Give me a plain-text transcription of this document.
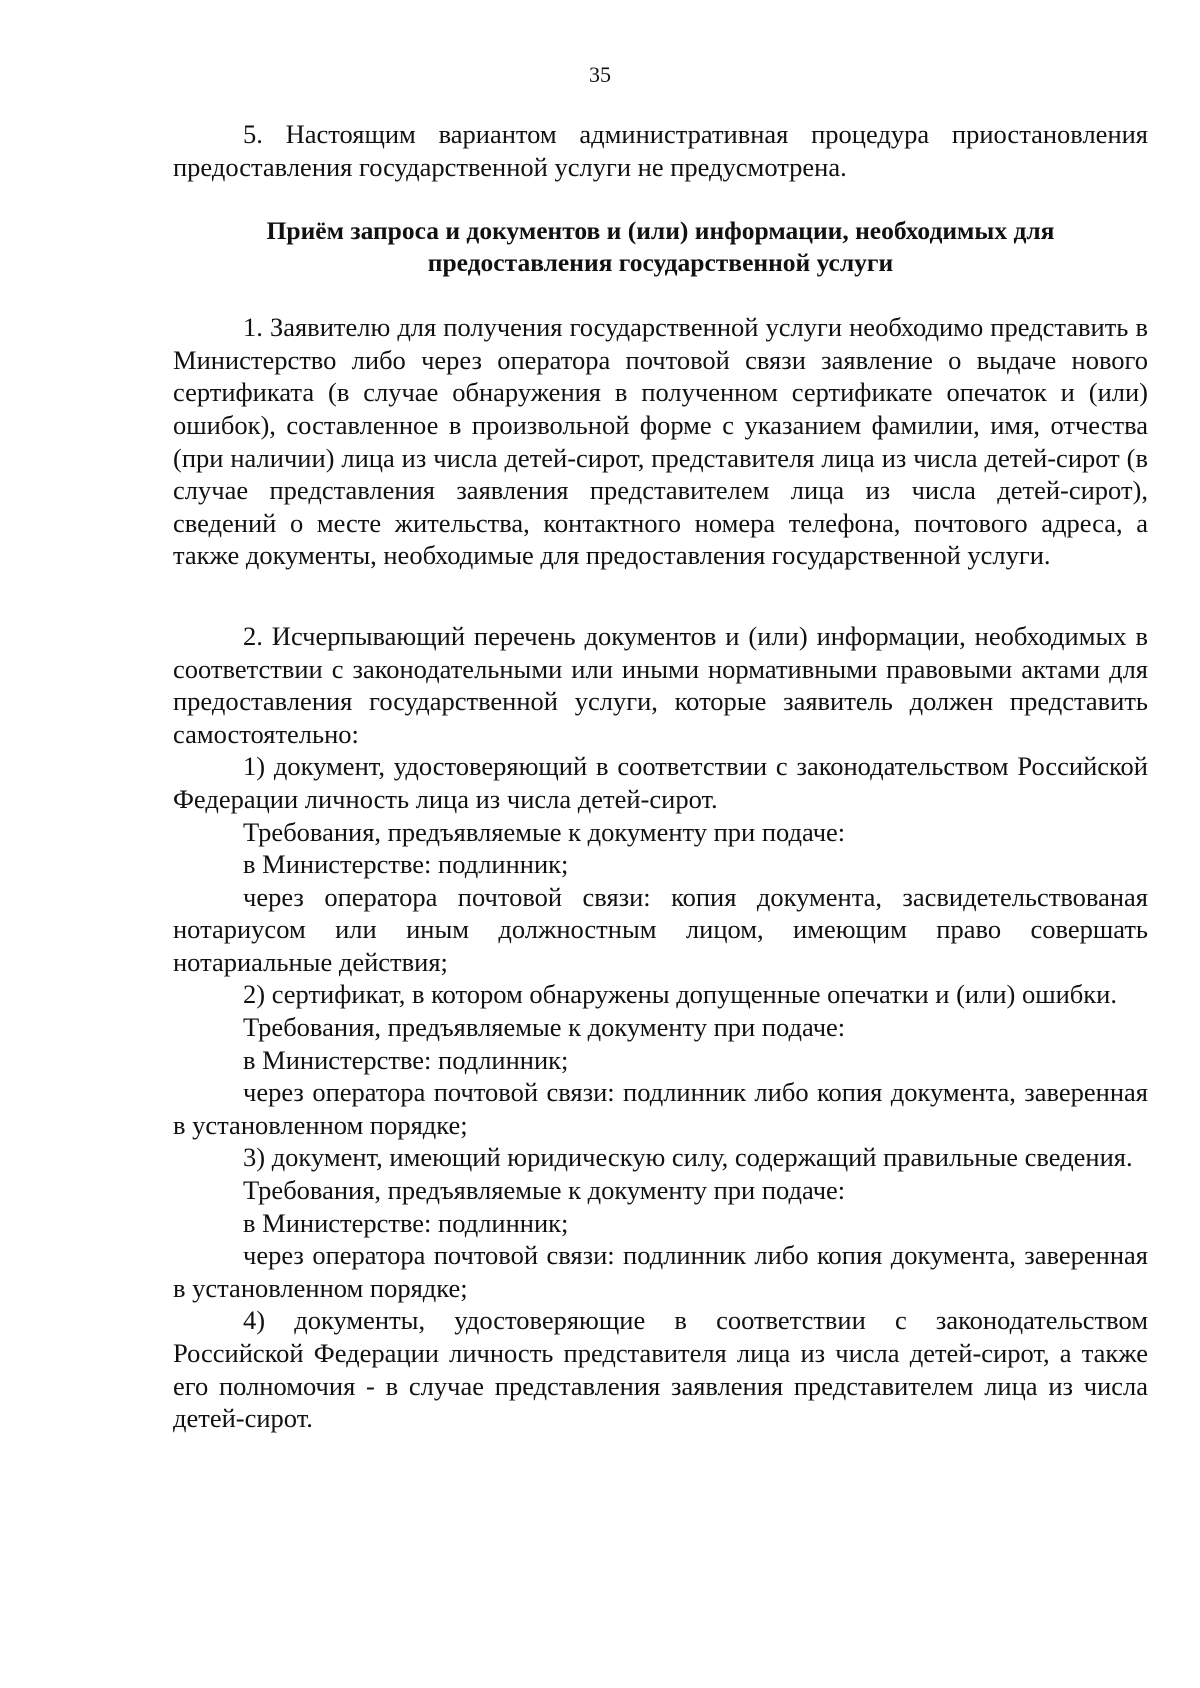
35

5. Настоящим вариантом административная процедура приостановления предоставления государственной услуги не предусмотрена.

Приём запроса и документов и (или) информации, необходимых для
предоставления государственной услуги

1. Заявителю для получения государственной услуги необходимо представить в Министерство либо через оператора почтовой связи заявление о выдаче нового сертификата (в случае обнаружения в полученном сертификате опечаток и (или) ошибок), составленное в произвольной форме с указанием фамилии, имя, отчества (при наличии) лица из числа детей-сирот, представителя лица из числа детей-сирот (в случае представления заявления представителем лица из числа детей-сирот), сведений о месте жительства, контактного номера телефона, почтового адреса, а также документы, необходимые для предоставления государственной услуги.

2. Исчерпывающий перечень документов и (или) информации, необходимых в соответствии с законодательными или иными нормативными правовыми актами для предоставления государственной услуги, которые заявитель должен представить самостоятельно:

1) документ, удостоверяющий в соответствии с законодательством Российской Федерации личность лица из числа детей-сирот.

Требования, предъявляемые к документу при подаче:

в Министерстве: подлинник;

через оператора почтовой связи: копия документа, засвидетельствованая нотариусом или иным должностным лицом, имеющим право совершать нотариальные действия;

2) сертификат, в котором обнаружены допущенные опечатки и (или) ошибки.

Требования, предъявляемые к документу при подаче:

в Министерстве: подлинник;

через оператора почтовой связи: подлинник либо копия документа, заверенная в установленном порядке;

3) документ, имеющий юридическую силу, содержащий правильные сведения.

Требования, предъявляемые к документу при подаче:

в Министерстве: подлинник;

через оператора почтовой связи: подлинник либо копия документа, заверенная в установленном порядке;

4) документы, удостоверяющие в соответствии с законодательством Российской Федерации личность представителя лица из числа детей-сирот, а также его полномочия - в случае представления заявления представителем лица из числа детей-сирот.
